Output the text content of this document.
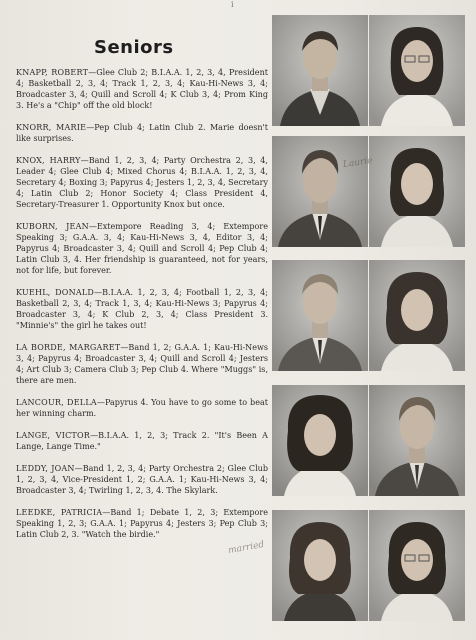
i
Seniors

KNAPP, ROBERT—Glee Club 2; B.I.A.A. 1, 2, 3, 4, President 4; Basketball 2, 3, 4; Track 1, 2, 3, 4; Kau-Hi-News 3, 4; Broadcaster 3, 4; Quill and Scroll 4; K Club 3, 4; Prom King 3. He's a "Chip" off the old block!

KNORR, MARIE—Pep Club 4; Latin Club 2. Marie doesn't like surprises.

KNOX, HARRY—Band 1, 2, 3, 4; Party Orchestra 2, 3, 4, Leader 4; Glee Club 4; Mixed Chorus 4; B.I.A.A. 1, 2, 3, 4, Secretary 4; Boxing 3; Papyrus 4; Jesters 1, 2, 3, 4, Secretary 4; Latin Club 2; Honor Society 4; Class President 4, Secretary-Treasurer 1. Opportunity Knox but once.

KUBORN, JEAN—Extempore Reading 3, 4; Extempore Speaking 3; G.A.A. 3, 4; Kau-Hi-News 3, 4, Editor 3, 4; Papyrus 4; Broadcaster 3, 4; Quill and Scroll 4; Pep Club 4; Latin Club 3, 4. Her friendship is guaranteed, not for years, not for life, but forever.

KUEHL, DONALD—B.I.A.A. 1, 2, 3, 4; Football 1, 2, 3, 4; Basketball 2, 3, 4; Track 1, 3, 4; Kau-Hi-News 3; Papyrus 4; Broadcaster 3, 4; K Club 2, 3, 4; Class President 3. "Minnie's" the girl he takes out!

LA BORDE, MARGARET—Band 1, 2; G.A.A. 1; Kau-Hi-News 3, 4; Papyrus 4; Broadcaster 3, 4; Quill and Scroll 4; Jesters 4; Art Club 3; Camera Club 3; Pep Club 4. Where "Muggs" is, there are men.

LANCOUR, DELLA—Papyrus 4. You have to go some to beat her winning charm.

LANGE, VICTOR—B.I.A.A. 1, 2, 3; Track 2. "It's Been A Lange, Lange Time."

LEDDY, JOAN—Band 1, 2, 3, 4; Party Orchestra 2; Glee Club 1, 2, 3, 4, Vice-President 1, 2; G.A.A. 1; Kau-Hi-News 3, 4; Broadcaster 3, 4; Twirling 1, 2, 3, 4. The Skylark.

LEEDKE, PATRICIA—Band 1; Debate 1, 2, 3; Extempore Speaking 1, 2, 3; G.A.A. 1; Papyrus 4; Jesters 3; Pep Club 3; Latin Club 2, 3. "Watch the birdie."

Laurie
married
